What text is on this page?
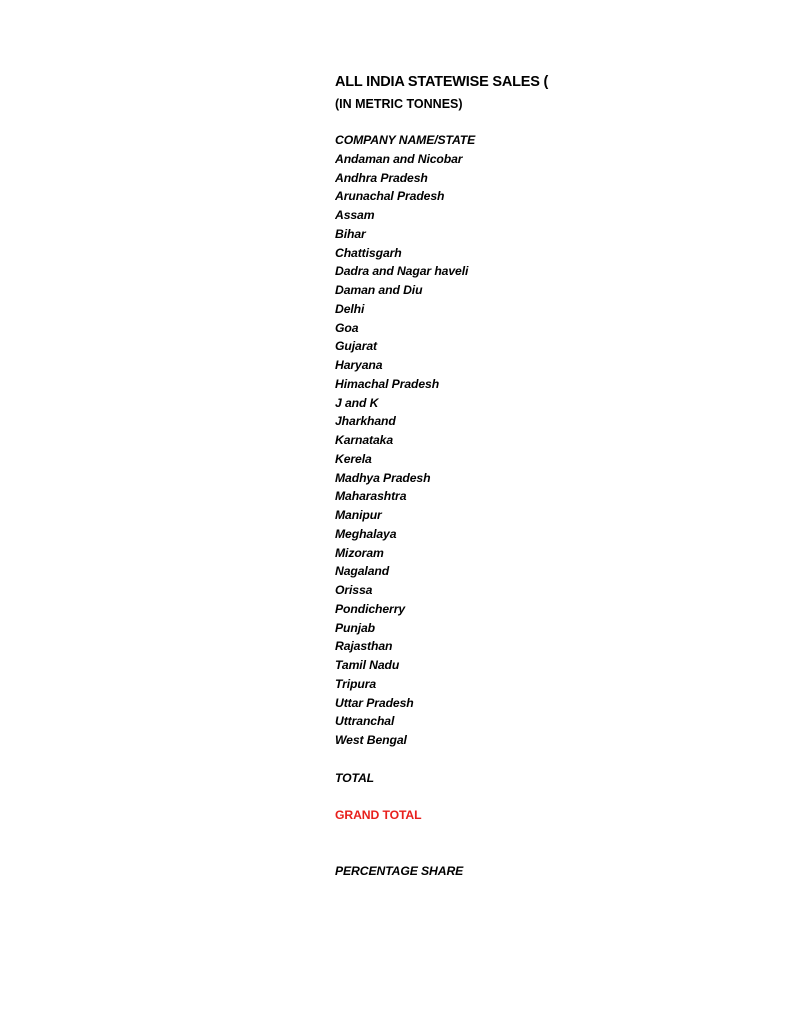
ALL INDIA STATEWISE SALES (
(IN METRIC TONNES)
COMPANY NAME/STATE
Andaman and Nicobar
Andhra Pradesh
Arunachal Pradesh
Assam
Bihar
Chattisgarh
Dadra and Nagar haveli
Daman and Diu
Delhi
Goa
Gujarat
Haryana
Himachal Pradesh
J and K
Jharkhand
Karnataka
Kerela
Madhya Pradesh
Maharashtra
Manipur
Meghalaya
Mizoram
Nagaland
Orissa
Pondicherry
Punjab
Rajasthan
Tamil Nadu
Tripura
Uttar Pradesh
Uttranchal
West Bengal
TOTAL
GRAND TOTAL
PERCENTAGE SHARE
